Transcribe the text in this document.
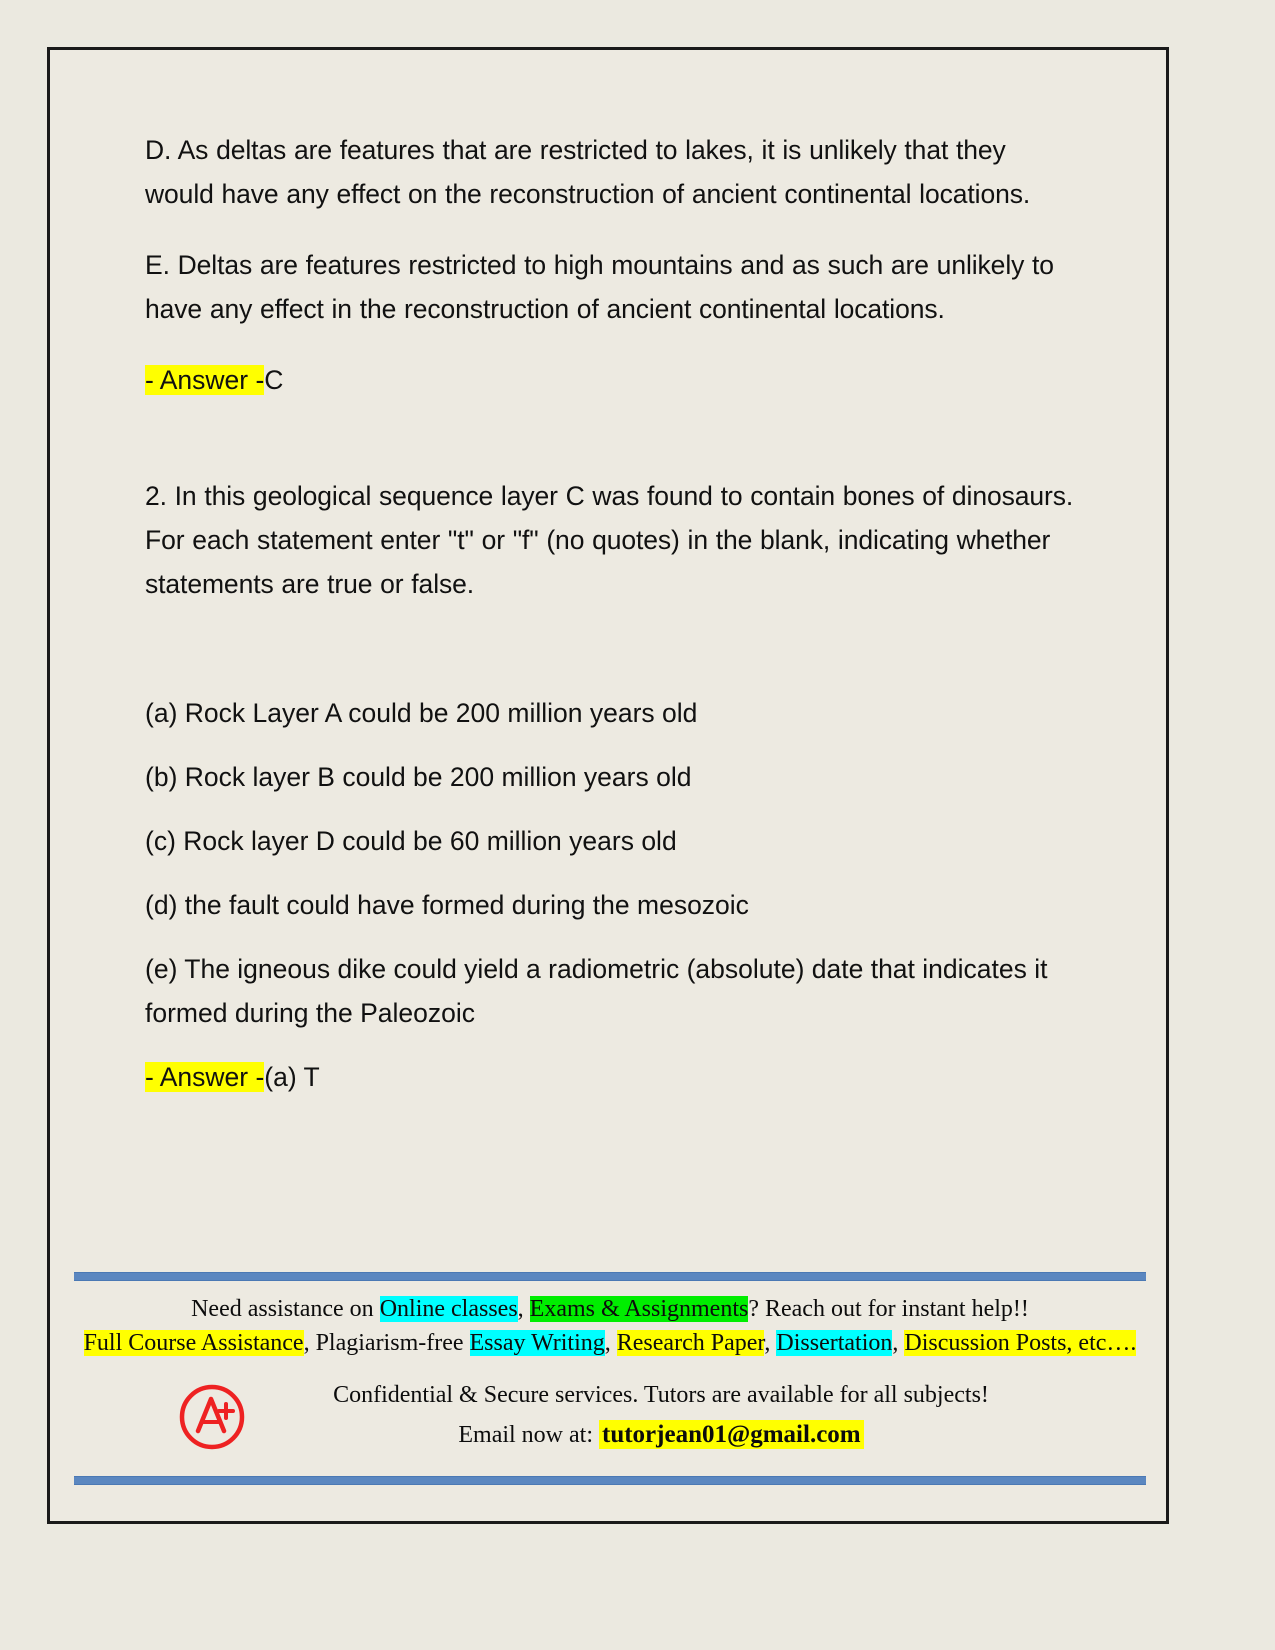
D. As deltas are features that are restricted to lakes, it is unlikely that they would have any effect on the reconstruction of ancient continental locations.

E. Deltas are features restricted to high mountains and as such are unlikely to have any effect in the reconstruction of ancient continental locations.

- Answer -C

2. In this geological sequence layer C was found to contain bones of dinosaurs. For each statement enter "t" or "f" (no quotes) in the blank, indicating whether statements are true or false.

(a) Rock Layer A could be 200 million years old

(b) Rock layer B could be 200 million years old

(c) Rock layer D could be 60 million years old

(d) the fault could have formed during the mesozoic

(e) The igneous dike could yield a radiometric (absolute) date that indicates it formed during the Paleozoic

- Answer -(a) T

Need assistance on Online classes, Exams & Assignments? Reach out for instant help!!
Full Course Assistance, Plagiarism-free Essay Writing, Research Paper, Dissertation, Discussion Posts, etc….
Confidential & Secure services. Tutors are available for all subjects!
Email now at: tutorjean01@gmail.com
